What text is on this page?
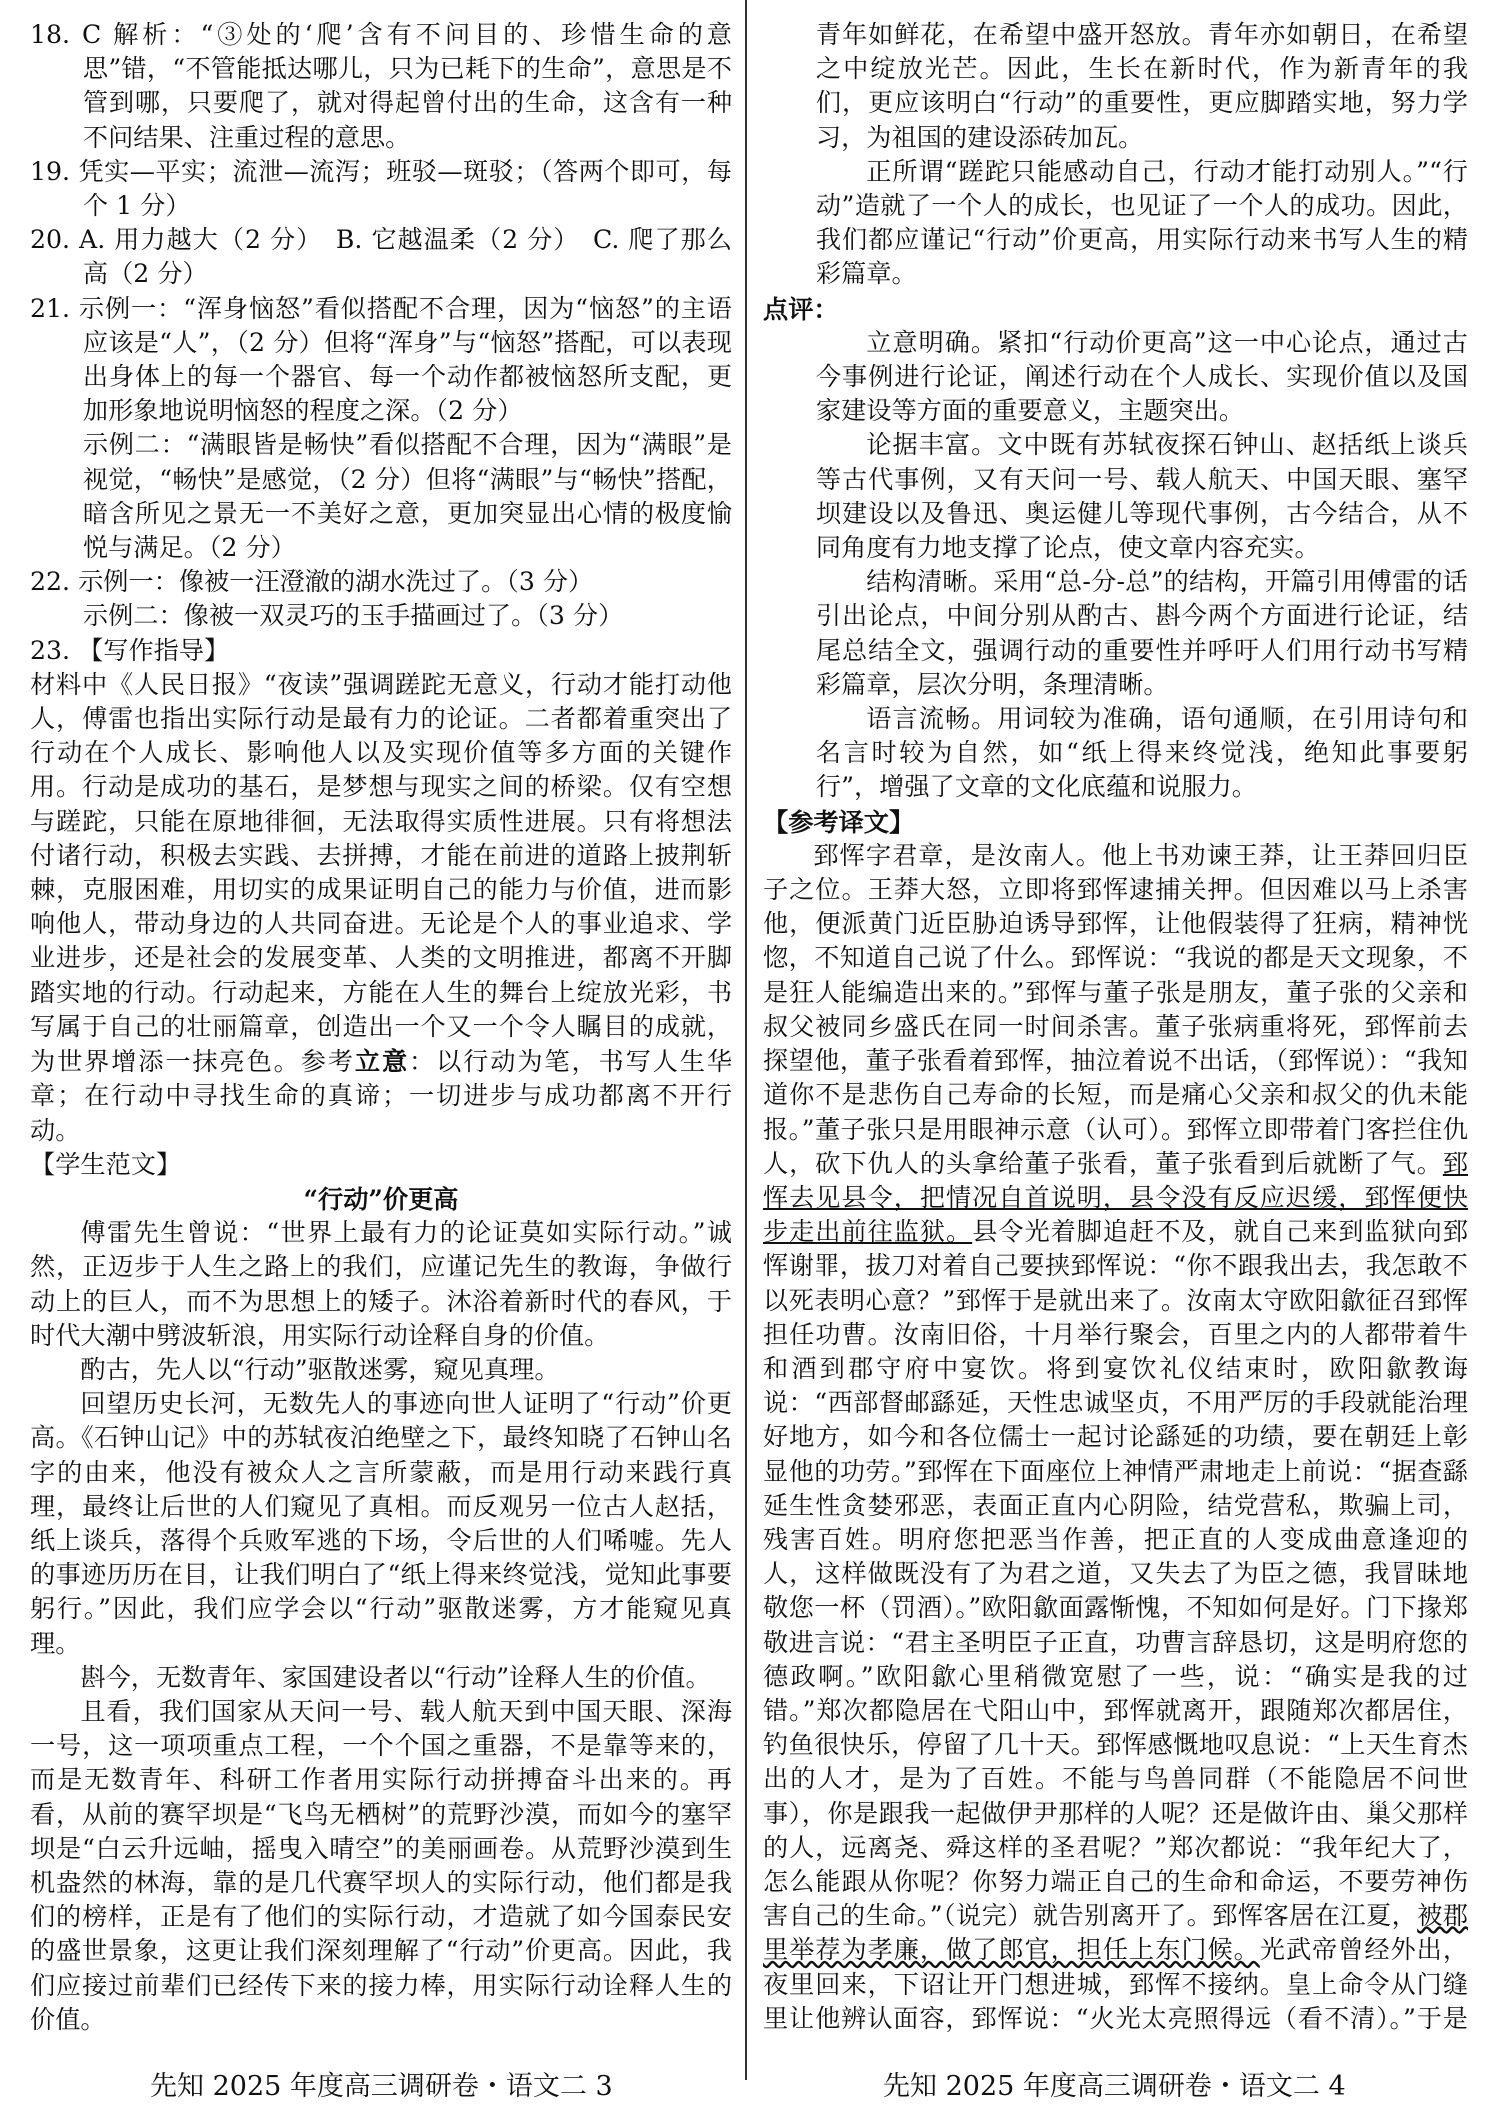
18. C 解析：“③处的‘爬’含有不问目的、珍惜生命的意思”错，“不管能抵达哪儿，只为已耗下的生命”，意思是不管到哪，只要爬了，就对得起曾付出的生命，这含有一种不问结果、注重过程的意思。

19. 凭实—平实；流泄—流泻；班驳—斑驳；（答两个即可，每个 1 分）

20. A. 用力越大（2 分）　B. 它越温柔（2 分）　C. 爬了那么高（2 分）

21. 示例一：“浑身恼怒”看似搭配不合理，因为“恼怒”的主语应该是“人”，（2 分）但将“浑身”与“恼怒”搭配，可以表现出身体上的每一个器官、每一个动作都被恼怒所支配，更加形象地说明恼怒的程度之深。（2 分）

示例二：“满眼皆是畅快”看似搭配不合理，因为“满眼”是视觉，“畅快”是感觉，（2 分）但将“满眼”与“畅快”搭配，暗含所见之景无一不美好之意，更加突显出心情的极度愉悦与满足。（2 分）

22. 示例一：像被一汪澄澈的湖水洗过了。（3 分）

示例二：像被一双灵巧的玉手描画过了。（3 分）

23. 【写作指导】

材料中《人民日报》“夜读”强调蹉跎无意义，行动才能打动他人，傅雷也指出实际行动是最有力的论证。二者都着重突出了行动在个人成长、影响他人以及实现价值等多方面的关键作用。行动是成功的基石，是梦想与现实之间的桥梁。仅有空想与蹉跎，只能在原地徘徊，无法取得实质性进展。只有将想法付诸行动，积极去实践、去拼搏，才能在前进的道路上披荆斩棘，克服困难，用切实的成果证明自己的能力与价值，进而影响他人，带动身边的人共同奋进。无论是个人的事业追求、学业进步，还是社会的发展变革、人类的文明推进，都离不开脚踏实地的行动。行动起来，方能在人生的舞台上绽放光彩，书写属于自己的壮丽篇章，创造出一个又一个令人瞩目的成就，为世界增添一抹亮色。参考立意：以行动为笔，书写人生华章；在行动中寻找生命的真谛；一切进步与成功都离不开行动。

【学生范文】

“行动”价更高

傅雷先生曾说：“世界上最有力的论证莫如实际行动。”诚然，正迈步于人生之路上的我们，应谨记先生的教诲，争做行动上的巨人，而不为思想上的矮子。沐浴着新时代的春风，于时代大潮中劈波斩浪，用实际行动诠释自身的价值。

酌古，先人以“行动”驱散迷雾，窥见真理。

回望历史长河，无数先人的事迹向世人证明了“行动”价更高。《石钟山记》中的苏轼夜泊绝壁之下，最终知晓了石钟山名字的由来，他没有被众人之言所蒙蔽，而是用行动来践行真理，最终让后世的人们窥见了真相。而反观另一位古人赵括，纸上谈兵，落得个兵败军逃的下场，令后世的人们唏嘘。先人的事迹历历在目，让我们明白了“纸上得来终觉浅，觉知此事要躬行。”因此，我们应学会以“行动”驱散迷雾，方才能窥见真理。

斟今，无数青年、家国建设者以“行动”诠释人生的价值。

且看，我们国家从天问一号、载人航天到中国天眼、深海一号，这一项项重点工程，一个个国之重器，不是靠等来的，而是无数青年、科研工作者用实际行动拼搏奋斗出来的。再看，从前的赛罕坝是“飞鸟无栖树”的荒野沙漠，而如今的塞罕坝是“白云升远岫，摇曳入晴空”的美丽画卷。从荒野沙漠到生机盎然的林海，靠的是几代赛罕坝人的实际行动，他们都是我们的榜样，正是有了他们的实际行动，才造就了如今国泰民安的盛世景象，这更让我们深刻理解了“行动”价更高。因此，我们应接过前辈们已经传下来的接力棒，用实际行动诠释人生的价值。

青年如鲜花，在希望中盛开怒放。青年亦如朝日，在希望之中绽放光芒。因此，生长在新时代，作为新青年的我们，更应该明白“行动”的重要性，更应脚踏实地，努力学习，为祖国的建设添砖加瓦。

正所谓“蹉跎只能感动自己，行动才能打动别人。”“行动”造就了一个人的成长，也见证了一个人的成功。因此，我们都应谨记“行动”价更高，用实际行动来书写人生的精彩篇章。

点评：

立意明确。紧扣“行动价更高”这一中心论点，通过古今事例进行论证，阐述行动在个人成长、实现价值以及国家建设等方面的重要意义，主题突出。

论据丰富。文中既有苏轼夜探石钟山、赵括纸上谈兵等古代事例，又有天问一号、载人航天、中国天眼、塞罕坝建设以及鲁迅、奥运健儿等现代事例，古今结合，从不同角度有力地支撑了论点，使文章内容充实。

结构清晰。采用“总-分-总”的结构，开篇引用傅雷的话引出论点，中间分别从酌古、斟今两个方面进行论证，结尾总结全文，强调行动的重要性并呼吁人们用行动书写精彩篇章，层次分明，条理清晰。

语言流畅。用词较为准确，语句通顺，在引用诗句和名言时较为自然，如“纸上得来终觉浅，绝知此事要躬行”，增强了文章的文化底蕴和说服力。

【参考译文】

郅恽字君章，是汝南人。他上书劝谏王莽，让王莽回归臣子之位。王莽大怒，立即将郅恽逮捕关押。但因难以马上杀害他，便派黄门近臣胁迫诱导郅恽，让他假装得了狂病，精神恍惚，不知道自己说了什么。郅恽说：“我说的都是天文现象，不是狂人能编造出来的。”郅恽与董子张是朋友，董子张的父亲和叔父被同乡盛氏在同一时间杀害。董子张病重将死，郅恽前去探望他，董子张看着郅恽，抽泣着说不出话，（郅恽说）：“我知道你不是悲伤自己寿命的长短，而是痛心父亲和叔父的仇未能报。”董子张只是用眼神示意（认可）。郅恽立即带着门客拦住仇人，砍下仇人的头拿给董子张看，董子张看到后就断了气。郅恽去见县令，把情况自首说明，县令没有反应迟缓，郅恽便快步走出前往监狱。县令光着脚追赶不及，就自己来到监狱向郅恽谢罪，拔刀对着自己要挟郅恽说：“你不跟我出去，我怎敢不以死表明心意？”郅恽于是就出来了。汝南太守欧阳歙征召郅恽担任功曹。汝南旧俗，十月举行聚会，百里之内的人都带着牛和酒到郡守府中宴饮。将到宴饮礼仪结束时，欧阳歙教诲说：“西部督邮繇延，天性忠诚坚贞，不用严厉的手段就能治理好地方，如今和各位儒士一起讨论繇延的功绩，要在朝廷上彰显他的功劳。”郅恽在下面座位上神情严肃地走上前说：“据查繇延生性贪婪邪恶，表面正直内心阴险，结党营私，欺骗上司，残害百姓。明府您把恶当作善，把正直的人变成曲意逢迎的人，这样做既没有了为君之道，又失去了为臣之德，我冒昧地敬您一杯（罚酒）。”欧阳歙面露惭愧，不知如何是好。门下掾郑敬进言说：“君主圣明臣子正直，功曹言辞恳切，这是明府您的德政啊。”欧阳歙心里稍微宽慰了一些，说：“确实是我的过错。”郑次都隐居在弋阳山中，郅恽就离开，跟随郑次都居住，钓鱼很快乐，停留了几十天。郅恽感慨地叹息说：“上天生育杰出的人才，是为了百姓。不能与鸟兽同群（不能隐居不问世事），你是跟我一起做伊尹那样的人呢？还是做许由、巢父那样的人，远离尧、舜这样的圣君呢？”郑次都说：“我年纪大了，怎么能跟从你呢？你努力端正自己的生命和命运，不要劳神伤害自己的生命。”（说完）就告别离开了。郅恽客居在江夏，被郡里举荐为孝廉，做了郎官，担任上东门候。光武帝曾经外出，夜里回来，下诏让开门想进城，郅恽不接纳。皇上命令从门缝里让他辨认面容，郅恽说：“火光太亮照得远（看不清）。”于是

先知 2025 年度高三调研卷・语文二 3	先知 2025 年度高三调研卷・语文二 4
